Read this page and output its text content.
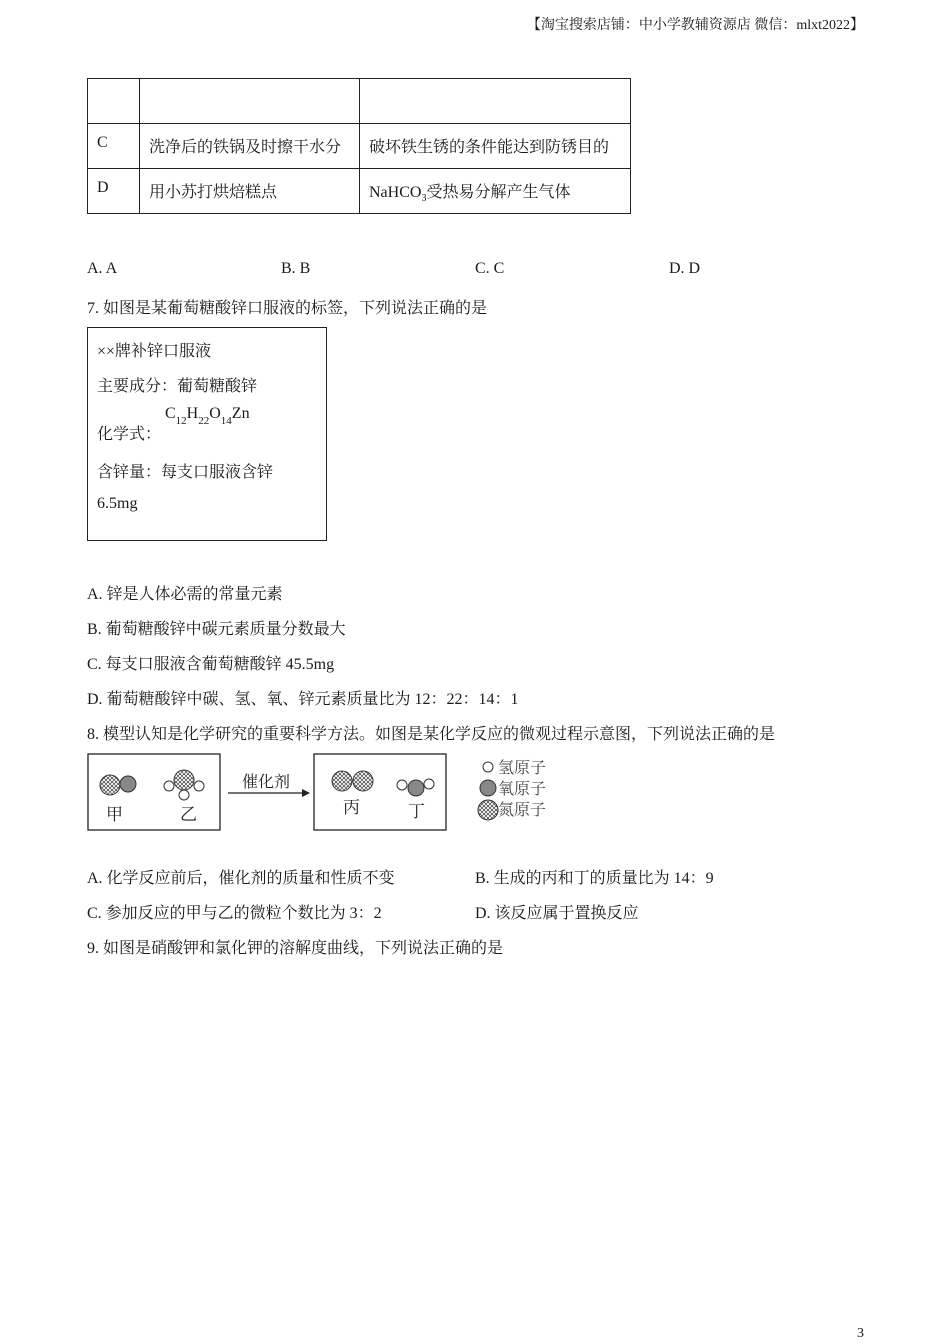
【淘宝搜索店铺：中小学教辅资源店 微信：mlxt2022】

C	洗净后的铁锅及时擦干水分	破坏铁生锈的条件能达到防锈目的
D	用小苏打烘焙糕点	NaHCO$_3$受热易分解产生气体
A. A	B. B	C. C	D. D
7. 如图是某葡萄糖酸锌口服液的标签，下列说法正确的是
××牌补锌口服液
主要成分：葡萄糖酸锌
化学式：
$C_{12}H_{22}O_{14}Zn$
含锌量：每支口服液含锌
6.5mg
A. 锌是人体必需的常量元素
B. 葡萄糖酸锌中碳元素质量分数最大
C. 每支口服液含葡萄糖酸锌 45.5mg
D. 葡萄糖酸锌中碳、氢、氧、锌元素质量比为 12：22：14：1
8. 模型认知是化学研究的重要科学方法。如图是某化学反应的微观过程示意图，下列说法正确的是
甲	乙
催化剂
丙	丁
氢原子
氧原子
氮原子
A. 化学反应前后，催化剂的质量和性质不变	B. 生成的丙和丁的质量比为 14：9
C. 参加反应的甲与乙的微粒个数比为 3：2	D. 该反应属于置换反应
9. 如图是硝酸钾和氯化钾的溶解度曲线，下列说法正确的是
3
